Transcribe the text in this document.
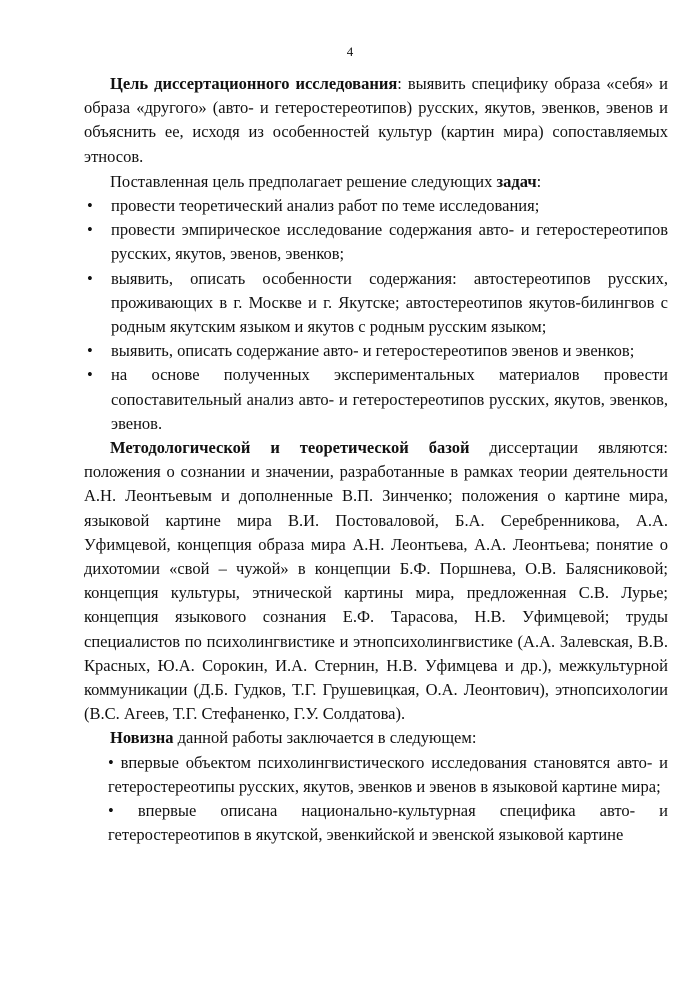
4

Цель диссертационного исследования: выявить специфику образа «себя» и образа «другого» (авто- и гетеростереотипов) русских, якутов, эвенков, эвенов и объяснить ее, исходя из особенностей культур (картин мира) сопоставляемых этносов.

Поставленная цель предполагает решение следующих задач:

• провести теоретический анализ работ по теме исследования;
• провести эмпирическое исследование содержания авто- и гетеростереотипов русских, якутов, эвенов, эвенков;
• выявить, описать особенности содержания: автостереотипов русских, проживающих в г. Москве и г. Якутске; автостереотипов якутов-билингвов с родным якутским языком и якутов с родным русским языком;
• выявить, описать содержание авто- и гетеростереотипов эвенов и эвенков;
• на основе полученных экспериментальных материалов провести сопоставительный анализ авто- и гетеростереотипов русских, якутов, эвенков, эвенов.

Методологической и теоретической базой диссертации являются: положения о сознании и значении, разработанные в рамках теории деятельности А.Н. Леонтьевым и дополненные В.П. Зинченко; положения о картине мира, языковой картине мира В.И. Постоваловой, Б.А. Серебренникова, А.А. Уфимцевой, концепция образа мира А.Н. Леонтьева, А.А. Леонтьева; понятие о дихотомии «свой – чужой» в концепции Б.Ф. Поршнева, О.В. Балясниковой; концепция культуры, этнической картины мира, предложенная С.В. Лурье; концепция языкового сознания Е.Ф. Тарасова, Н.В. Уфимцевой; труды специалистов по психолингвистике и этнопсихолингвистике (А.А. Залевская, В.В. Красных, Ю.А. Сорокин, И.А. Стернин, Н.В. Уфимцева и др.), межкультурной коммуникации (Д.Б. Гудков, Т.Г. Грушевицкая, О.А. Леонтович), этнопсихологии (В.С. Агеев, Т.Г. Стефаненко, Г.У. Солдатова).

Новизна данной работы заключается в следующем:

• впервые объектом психолингвистического исследования становятся авто- и гетеростереотипы русских, якутов, эвенков и эвенов в языковой картине мира;
• впервые описана национально-культурная специфика авто- и гетеростереотипов в якутской, эвенкийской и эвенской языковой картине
